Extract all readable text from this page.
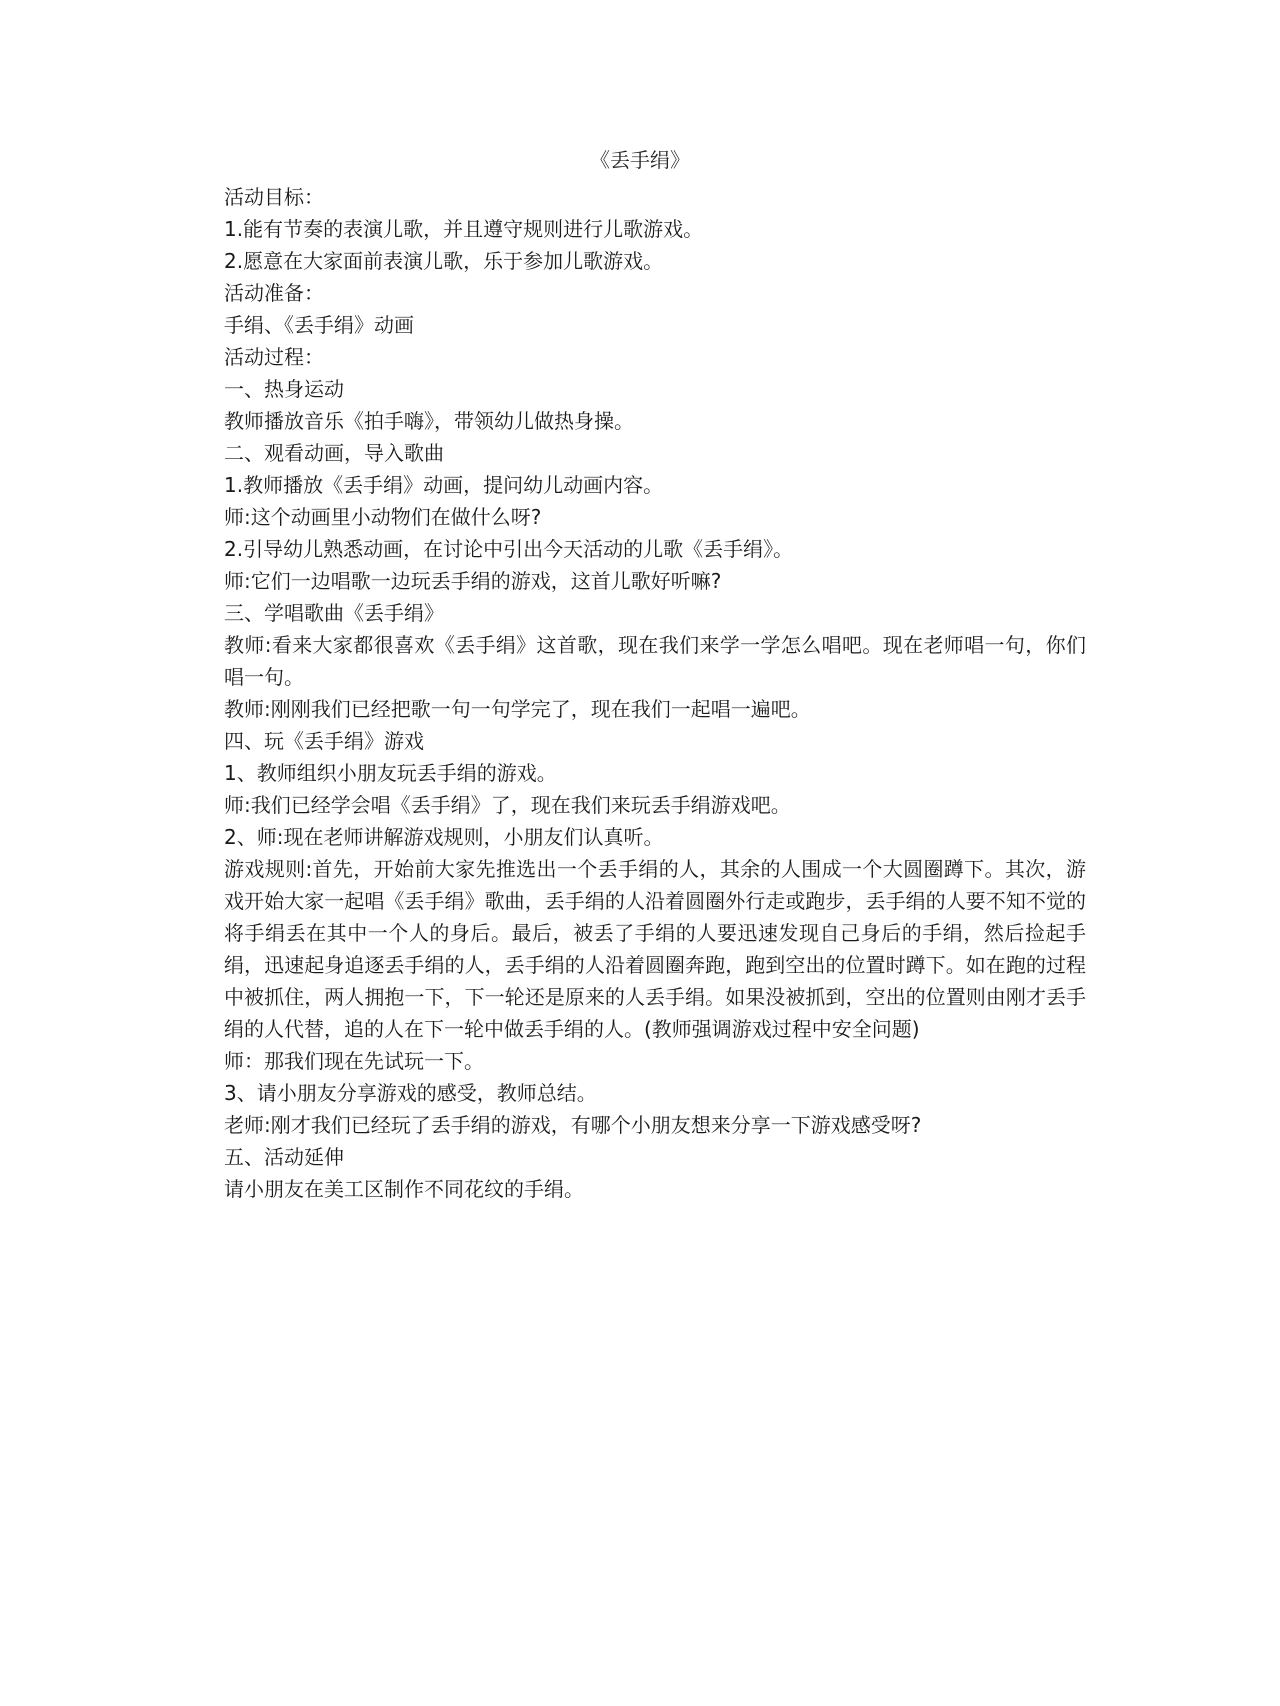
《丢手绢》

活动目标：

1.能有节奏的表演儿歌，并且遵守规则进行儿歌游戏。

2.愿意在大家面前表演儿歌，乐于参加儿歌游戏。

活动准备：

手绢、《丢手绢》动画

活动过程：

一、热身运动

教师播放音乐《拍手嗨》，带领幼儿做热身操。

二、观看动画，导入歌曲

1.教师播放《丢手绢》动画，提问幼儿动画内容。

师:这个动画里小动物们在做什么呀?

2.引导幼儿熟悉动画，在讨论中引出今天活动的儿歌《丢手绢》。

师:它们一边唱歌一边玩丢手绢的游戏，这首儿歌好听嘛?

三、学唱歌曲《丢手绢》

教师:看来大家都很喜欢《丢手绢》这首歌，现在我们来学一学怎么唱吧。现在老师唱一句，你们唱一句。

教师:刚刚我们已经把歌一句一句学完了，现在我们一起唱一遍吧。

四、玩《丢手绢》游戏

1、教师组织小朋友玩丢手绢的游戏。

师:我们已经学会唱《丢手绢》了，现在我们来玩丢手绢游戏吧。

2、师:现在老师讲解游戏规则，小朋友们认真听。

游戏规则:首先，开始前大家先推选出一个丢手绢的人，其余的人围成一个大圆圈蹲下。其次，游戏开始大家一起唱《丢手绢》歌曲，丢手绢的人沿着圆圈外行走或跑步，丢手绢的人要不知不觉的将手绢丢在其中一个人的身后。最后，被丢了手绢的人要迅速发现自己身后的手绢，然后捡起手绢，迅速起身追逐丢手绢的人，丢手绢的人沿着圆圈奔跑，跑到空出的位置时蹲下。如在跑的过程中被抓住，两人拥抱一下，下一轮还是原来的人丢手绢。如果没被抓到，空出的位置则由刚才丢手绢的人代替，追的人在下一轮中做丢手绢的人。(教师强调游戏过程中安全问题)

师：那我们现在先试玩一下。

3、请小朋友分享游戏的感受，教师总结。

老师:刚才我们已经玩了丢手绢的游戏，有哪个小朋友想来分享一下游戏感受呀?

五、活动延伸

请小朋友在美工区制作不同花纹的手绢。
